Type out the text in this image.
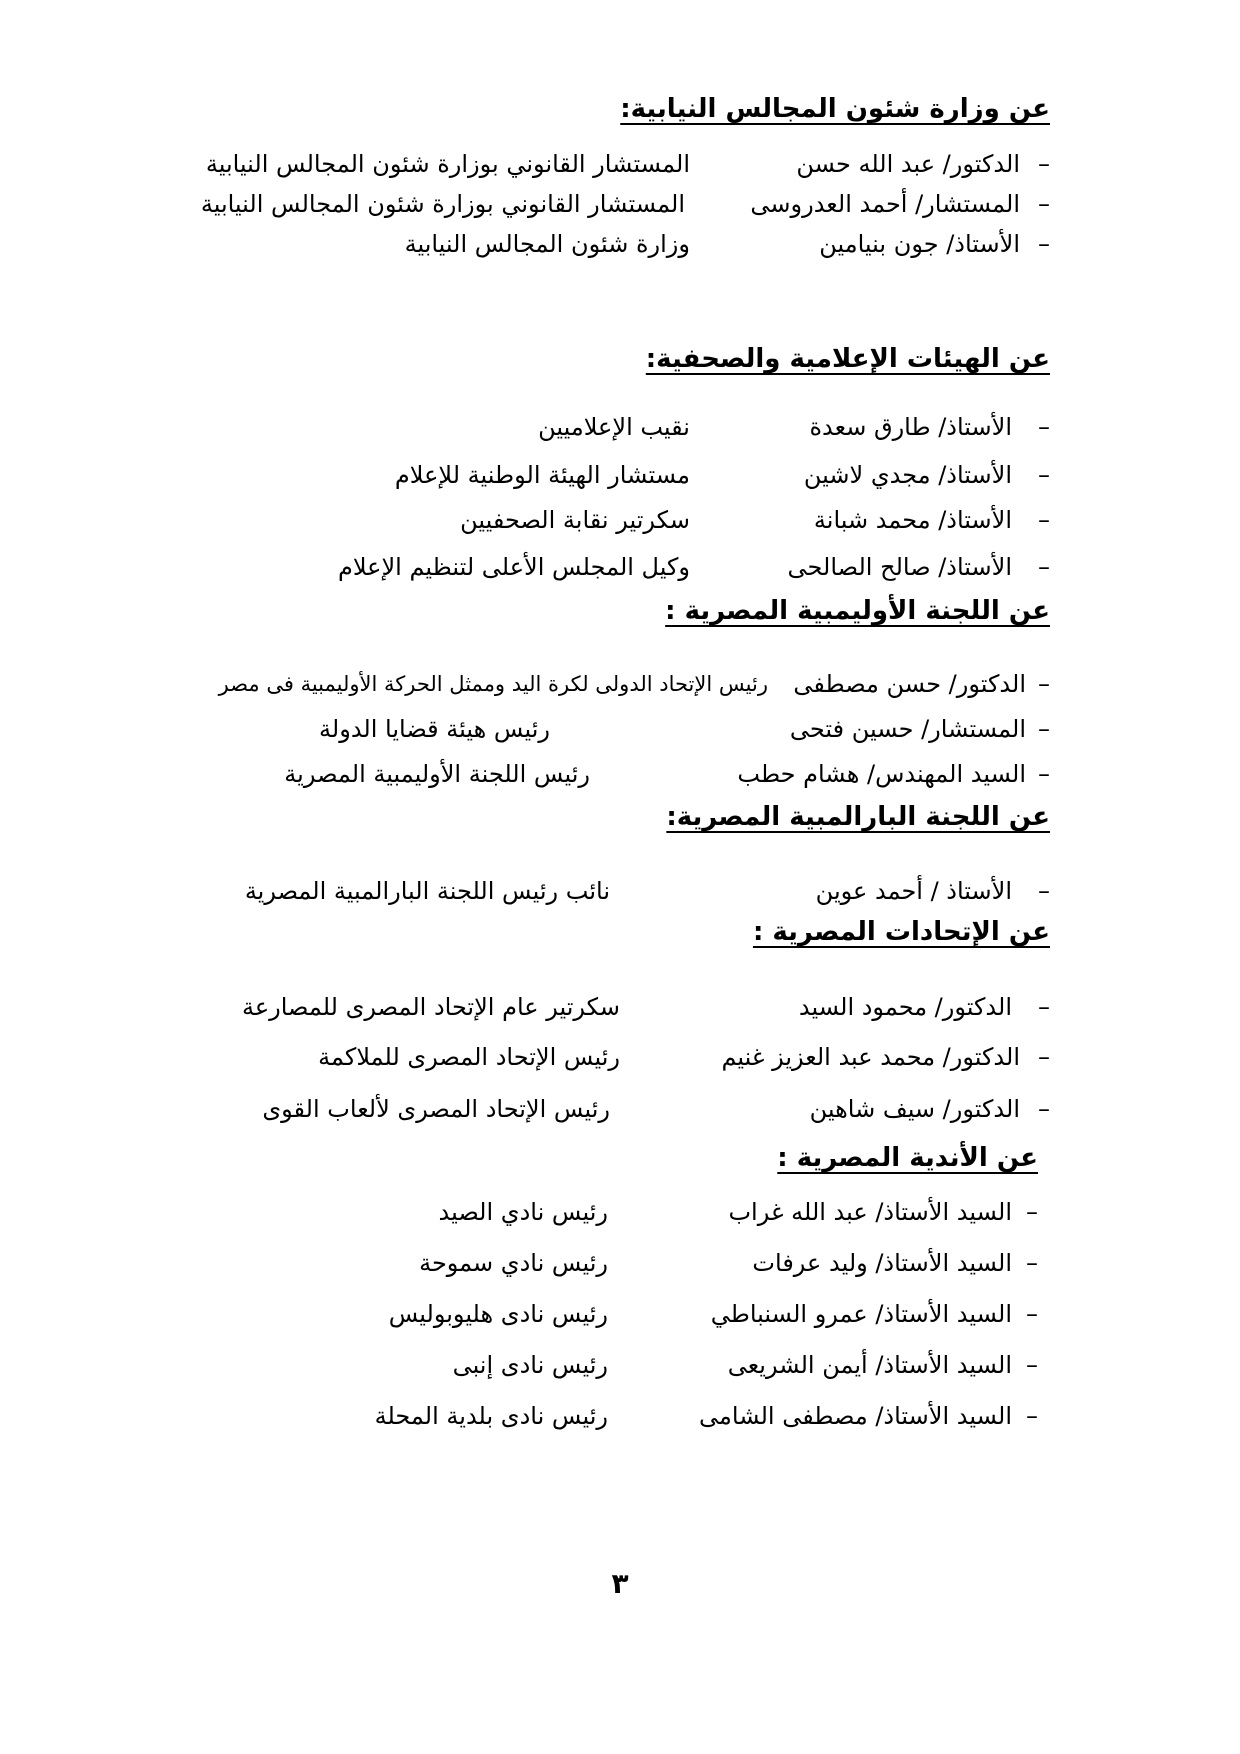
عن وزارة شئون المجالس النيابية:
–
الدكتور/ عبد الله حسن
المستشار القانوني بوزارة شئون المجالس النيابية
–
المستشار/ أحمد العدروسى
المستشار القانوني بوزارة شئون المجالس النيابية
–
الأستاذ/ جون بنيامين
وزارة شئون المجالس النيابية
عن الهيئات الإعلامية والصحفية:
–
الأستاذ/ طارق سعدة
نقيب الإعلاميين
–
الأستاذ/ مجدي لاشين
مستشار الهيئة الوطنية للإعلام
–
الأستاذ/ محمد شبانة
سكرتير نقابة الصحفيين
–
الأستاذ/ صالح الصالحى
وكيل المجلس الأعلى لتنظيم الإعلام
عن اللجنة الأوليمبية المصرية :
–
الدكتور/ حسن مصطفى
رئيس الإتحاد الدولى لكرة اليد وممثل الحركة الأوليمبية فى مصر
–
المستشار/ حسين فتحى
رئيس هيئة قضايا الدولة
–
السيد المهندس/ هشام حطب
رئيس اللجنة الأوليمبية المصرية
عن اللجنة البارالمبية المصرية:
–
الأستاذ / أحمد عوين
نائب رئيس اللجنة البارالمبية المصرية
عن الإتحادات المصرية :
–
الدكتور/ محمود السيد
سكرتير عام الإتحاد المصرى للمصارعة
–
الدكتور/ محمد عبد العزيز غنيم
رئيس الإتحاد المصرى للملاكمة
–
الدكتور/ سيف شاهين
رئيس الإتحاد المصرى لألعاب القوى
عن الأندية المصرية :
–
السيد الأستاذ/ عبد الله غراب
رئيس نادي الصيد
–
السيد الأستاذ/ وليد عرفات
رئيس نادي سموحة
–
السيد الأستاذ/ عمرو السنباطي
رئيس نادى هليوبوليس
–
السيد الأستاذ/ أيمن الشريعى
رئيس نادى إنبى
–
السيد الأستاذ/ مصطفى الشامى
رئيس نادى بلدية المحلة
٣
